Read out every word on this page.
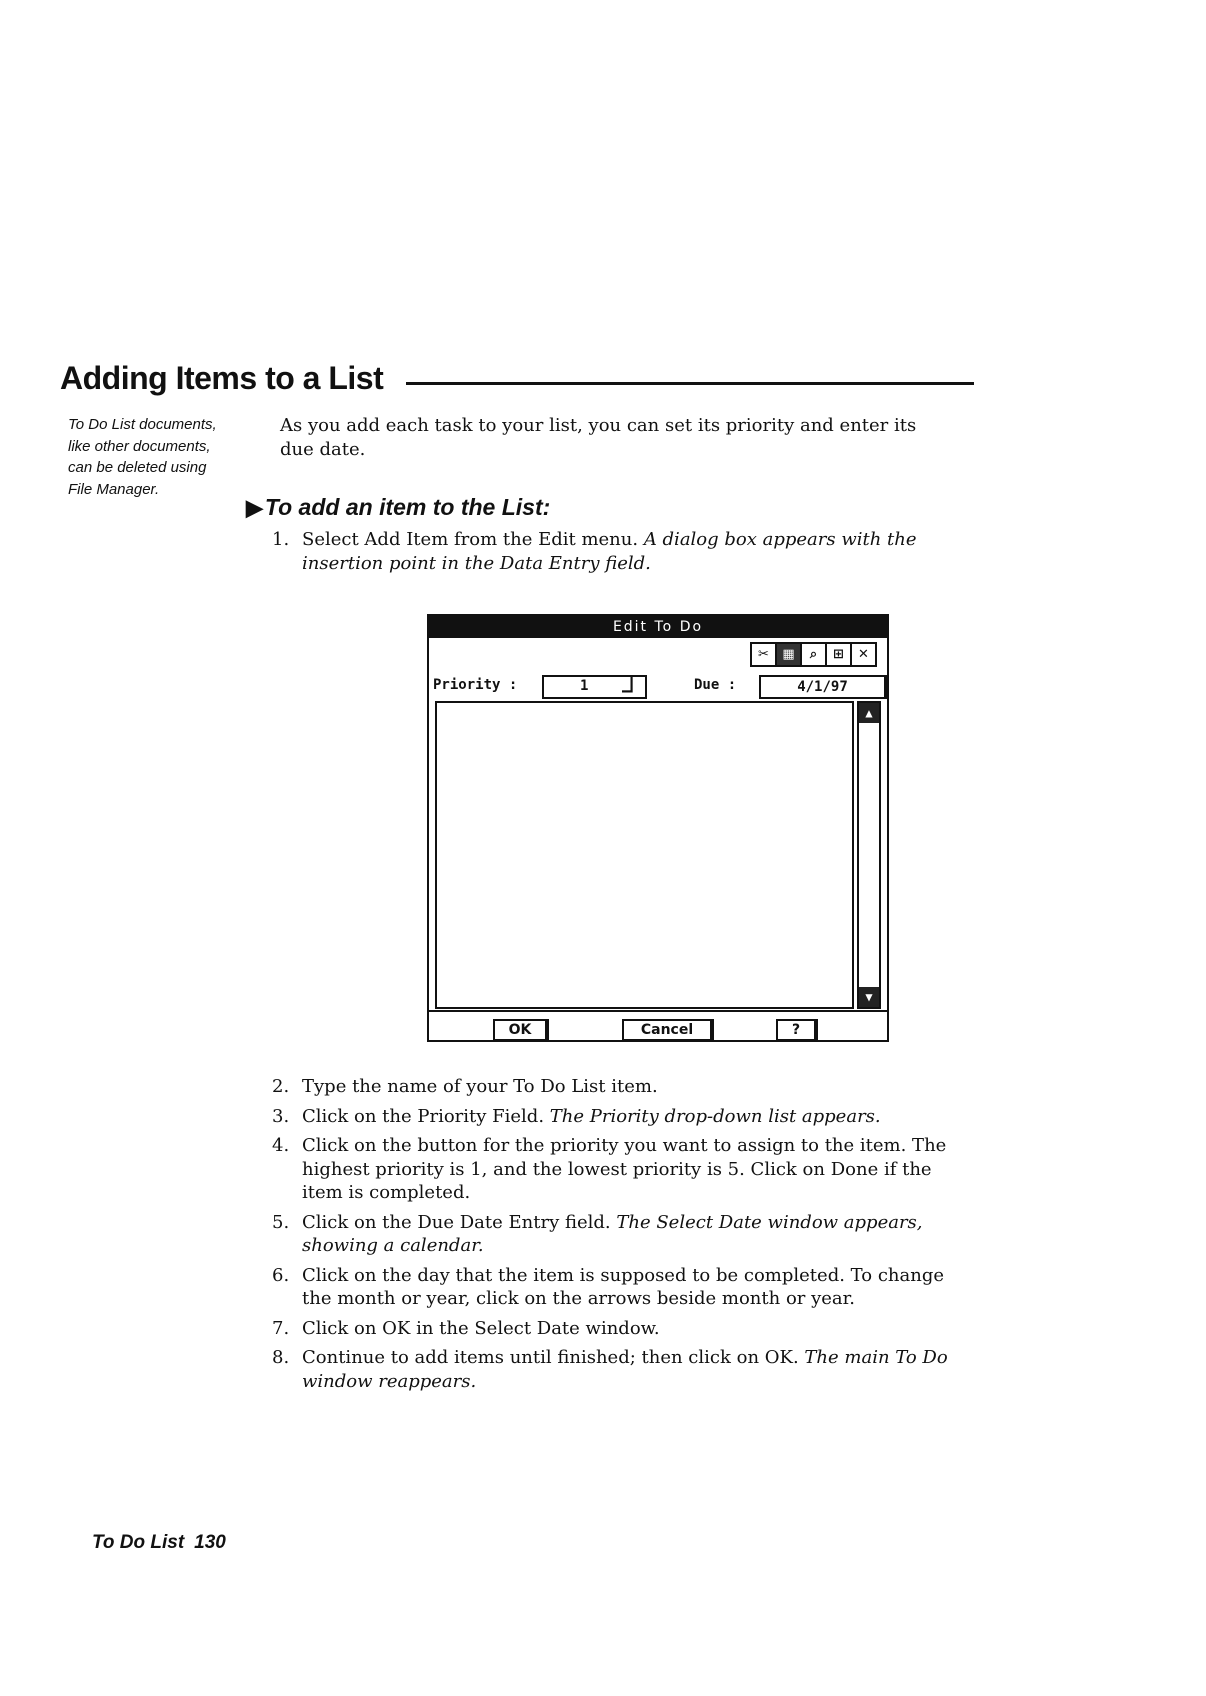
Adding Items to a List
To Do List documents, like other documents, can be deleted using File Manager.
As you add each task to your list, you can set its priority and enter its due date.
▶To add an item to the List:
1. Select Add Item from the Edit menu. A dialog box appears with the insertion point in the Data Entry field.
Edit To Do
✂	▦	⌕	⊞	✕
Priority :	1 ▁▎	Due :	4/1/97
▲
▼
OK	Cancel	?
2. Type the name of your To Do List item.
3. Click on the Priority Field. The Priority drop-down list appears.
4. Click on the button for the priority you want to assign to the item. The highest priority is 1, and the lowest priority is 5. Click on Done if the item is completed.
5. Click on the Due Date Entry field. The Select Date window appears, showing a calendar.
6. Click on the day that the item is supposed to be completed. To change the month or year, click on the arrows beside month or year.
7. Click on OK in the Select Date window.
8. Continue to add items until finished; then click on OK. The main To Do window reappears.
To Do List 130
